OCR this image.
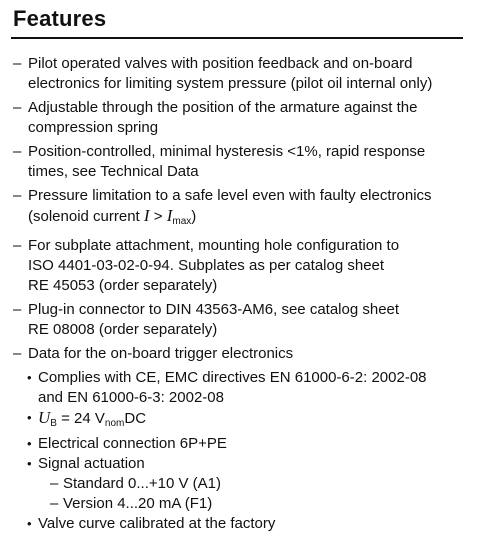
Features
– Pilot operated valves with position feedback and on-board
electronics for limiting system pressure (pilot oil internal only)
– Adjustable through the position of the armature against the
compression spring
– Position-controlled, minimal hysteresis <1%, rapid response
times, see Technical Data
– Pressure limitation to a safe level even with faulty electronics
(solenoid current $I > I_{max}$)
– For subplate attachment, mounting hole configuration to
ISO 4401-03-02-0-94. Subplates as per catalog sheet
RE 45053 (order separately)
– Plug-in connector to DIN 43563-AM6, see catalog sheet
RE 08008 (order separately)
– Data for the on-board trigger electronics
• Complies with CE, EMC directives EN 61000-6-2: 2002-08
and EN 61000-6-3: 2002-08
• $U_B = 24$ $V_{nom}DC$
• Electrical connection 6P+PE
• Signal actuation
– Standard 0...+10 V (A1)
– Version 4...20 mA (F1)
• Valve curve calibrated at the factory
